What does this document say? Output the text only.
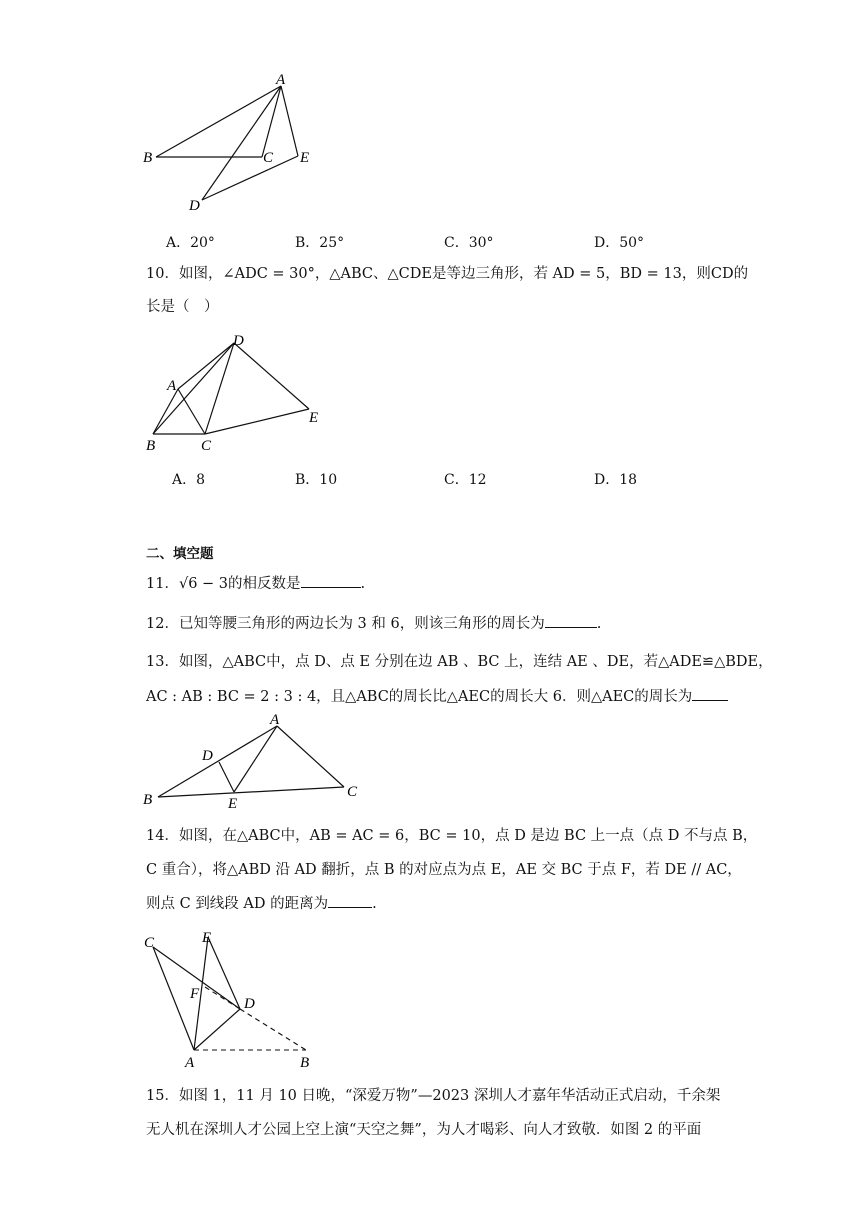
A
B	C
D
E
A．20°	B．25°	C．30°	D．50°
10．如图，∠ADC = 30°，△ABC、△CDE是等边三角形，若 AD = 5，BD = 13，则CD的
长是（　）
A
B	C
D
E
A．8	B．10	C．12	D．18
二、填空题
11．√6 − 3的相反数是	.
12．已知等腰三角形的两边长为 3 和 6，则该三角形的周长为	.
13．如图，△ABC中，点 D、点 E 分别在边 AB 、BC 上，连结 AE 、DE，若△ADE≌△BDE，
AC : AB : BC = 2 : 3 : 4，且△ABC的周长比△AEC的周长大 6．则△AEC的周长为
A
B	C
D
E
14．如图，在△ABC中，AB = AC = 6，BC = 10，点 D 是边 BC 上一点（点 D 不与点 B，
C 重合），将△ABD 沿 AD 翻折，点 B 的对应点为点 E，AE 交 BC 于点 F，若 DE // AC，
则点 C 到线段 AD 的距离为	.
A	B
C
D
E
F
15．如图 1，11 月 10 日晚，“深爱万物”—2023 深圳人才嘉年华活动正式启动，千余架
无人机在深圳人才公园上空上演“天空之舞”，为人才喝彩、向人才致敬．如图 2 的平面
